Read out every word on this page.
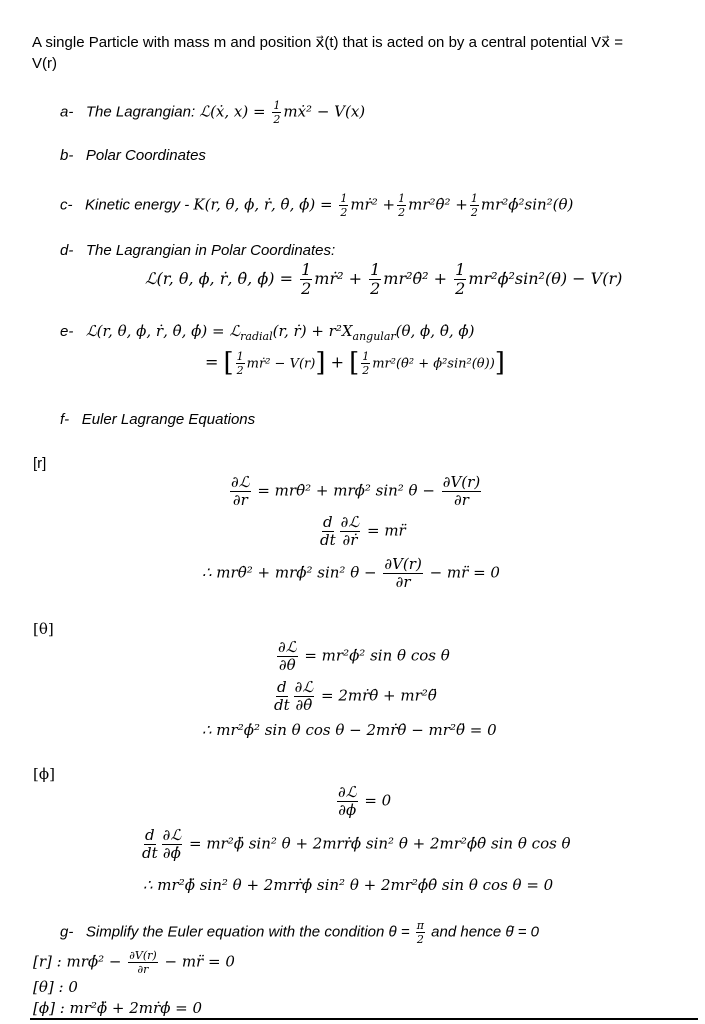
A single Particle with mass m and position x⃗(t) that is acted on by a central potential Vx⃗ =
V(r)
a- The Lagrangian: ℒ(ẋ, $x) = \frac{1}{2}$ mẋ² − V(x)
b- Polar Coordinates
c- Kinetic energy - K(r, θ, ϕ, ṙ, θ̇, ϕ̇) = $\frac{1}{2}$ mṙ² + $\frac{1}{2}$ mr²θ̇² + $\frac{1}{2}$ mr²ϕ̇²sin²(θ)
d- The Lagrangian in Polar Coordinates:
ℒ(r, θ, ϕ, ṙ, θ̇, ϕ̇) = $\frac{1}{2}$ mṙ² + $\frac{1}{2}$ mr²θ̇² + $\frac{1}{2}$ mr²ϕ̇²sin²(θ) − V(r)
e- ℒ(r, θ, ϕ, ṙ, θ̇, ϕ̇) = ℒ$_{radial}$(r, ṙ) + $r^2X_{angular}(\theta$, ϕ, θ̇, ϕ̇)
= [ $\frac{1}{2}$ mṙ² − V(r)] + [ $\frac{1}{2}$ mr²(θ̇² + ϕ̇²sin²(θ))]
f- Euler Lagrange Equations
[r]
$\frac{\text{∂ℒ}}{\partial r}$ = mrθ̇² + mrϕ̇² sin² $\theta - \frac{\partial V(r)}{\partial r}$
$\frac{d}{dt} \frac{\text{∂ℒ}}{\text{∂ṙ}}$ = mr̈
∴ mrθ̇² + mrϕ̇² sin² $\theta - \frac{\partial V(r)}{\partial r}$ − mr̈ = 0
[θ]
$\frac{\text{∂ℒ}}{\partial\theta}$ = mr²ϕ̇² sin θ cos θ
$\frac{d}{dt} \frac{\text{∂ℒ}}{\partial\thetȧ}$ = 2mṙθ̇ + mr²θ̈
∴ mr²ϕ̇² sin θ cos θ − 2mṙθ̇ − mr²θ̈ = 0
[ϕ]
$\frac{\text{∂ℒ}}{\partial\phi} = 0$
$\frac{d}{dt} \frac{\text{∂ℒ}}{\partial\phi̇}$ = mr²ϕ̈ sin² θ + 2mrṙϕ̇ sin² θ + 2mr²ϕ̇θ̇ sin θ cos θ
∴ mr²ϕ̈ sin² θ + 2mrṙϕ̇ sin² θ + 2mr²ϕ̇θ̇ sin θ cos θ = 0
g- Simplify the Euler equation with the condition $\theta = \frac{\pi}{2}$ and hence θ̇ = 0
[r] : mrϕ̇² − $\frac{\partial V(r)}{\partial r}$ − mr̈ = 0
[θ] : 0
[ϕ] : mr²ϕ̈ + 2mṙϕ̇ = 0
